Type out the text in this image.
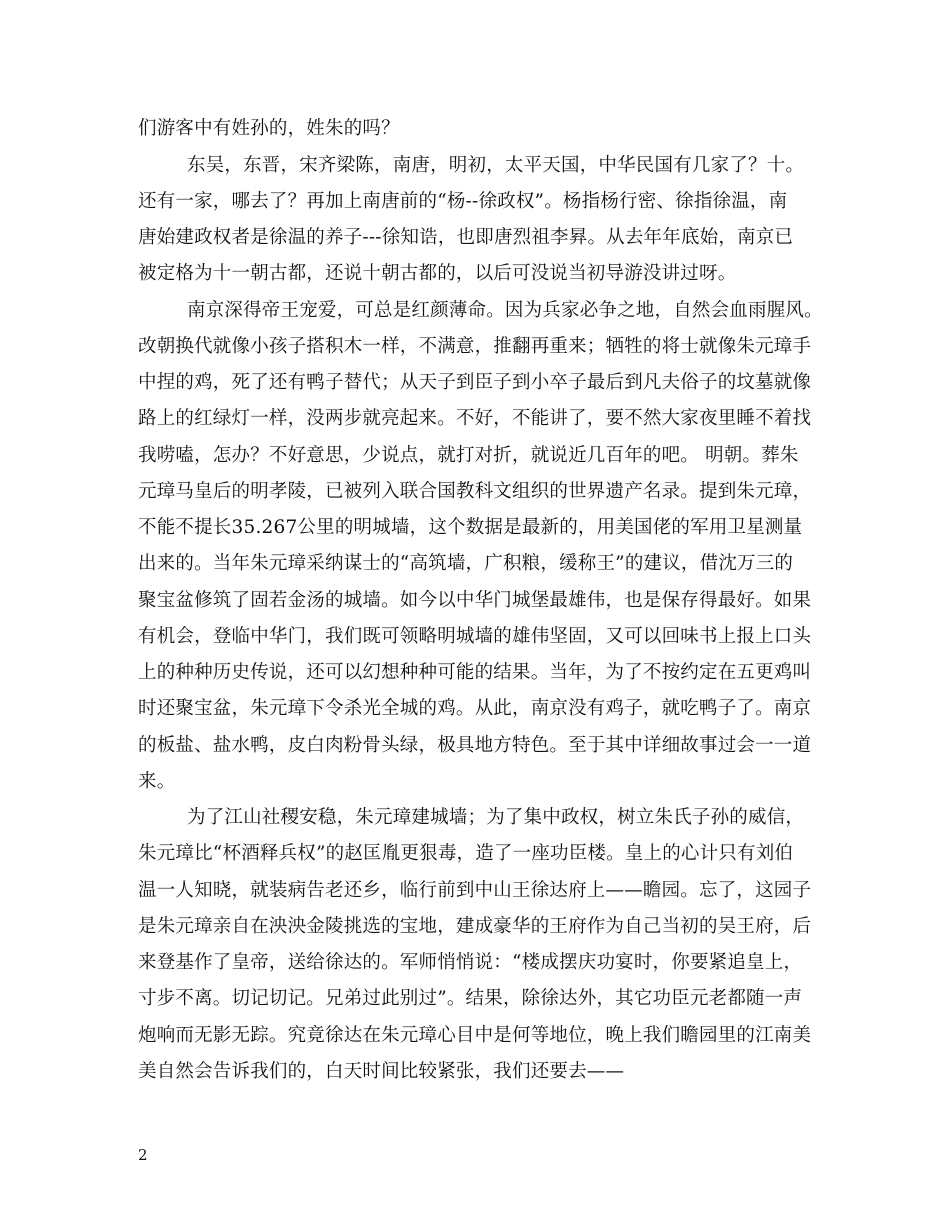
们游客中有姓孙的，姓朱的吗？
东吴，东晋，宋齐梁陈，南唐，明初，太平天国，中华民国有几家了？十。
还有一家，哪去了？再加上南唐前的“杨--徐政权”。杨指杨行密、徐指徐温，南
唐始建政权者是徐温的养子---徐知诰，也即唐烈祖李昪。从去年年底始，南京已
被定格为十一朝古都，还说十朝古都的，以后可没说当初导游没讲过呀。
南京深得帝王宠爱，可总是红颜薄命。因为兵家必争之地，自然会血雨腥风。
改朝换代就像小孩子搭积木一样，不满意，推翻再重来；牺牲的将士就像朱元璋手
中捏的鸡，死了还有鸭子替代；从天子到臣子到小卒子最后到凡夫俗子的坟墓就像
路上的红绿灯一样，没两步就亮起来。不好，不能讲了，要不然大家夜里睡不着找
我唠嗑，怎办？不好意思，少说点，就打对折，就说近几百年的吧。 明朝。葬朱
元璋马皇后的明孝陵，已被列入联合国教科文组织的世界遗产名录。提到朱元璋，
不能不提长35.267公里的明城墙，这个数据是最新的，用美国佬的军用卫星测量
出来的。当年朱元璋采纳谋士的“高筑墙，广积粮，缓称王”的建议，借沈万三的
聚宝盆修筑了固若金汤的城墙。如今以中华门城堡最雄伟，也是保存得最好。如果
有机会，登临中华门，我们既可领略明城墙的雄伟坚固，又可以回味书上报上口头
上的种种历史传说，还可以幻想种种可能的结果。当年，为了不按约定在五更鸡叫
时还聚宝盆，朱元璋下令杀光全城的鸡。从此，南京没有鸡子，就吃鸭子了。南京
的板盐、盐水鸭，皮白肉粉骨头绿，极具地方特色。至于其中详细故事过会一一道
来。
为了江山社稷安稳，朱元璋建城墙；为了集中政权，树立朱氏子孙的威信，
朱元璋比“杯酒释兵权”的赵匡胤更狠毒，造了一座功臣楼。皇上的心计只有刘伯
温一人知晓，就装病告老还乡，临行前到中山王徐达府上——瞻园。忘了，这园子
是朱元璋亲自在泱泱金陵挑选的宝地，建成豪华的王府作为自己当初的吴王府，后
来登基作了皇帝，送给徐达的。军师悄悄说：“楼成摆庆功宴时，你要紧追皇上，
寸步不离。切记切记。兄弟过此别过”。结果，除徐达外，其它功臣元老都随一声
炮响而无影无踪。究竟徐达在朱元璋心目中是何等地位，晚上我们瞻园里的江南美
美自然会告诉我们的，白天时间比较紧张，我们还要去——
2
